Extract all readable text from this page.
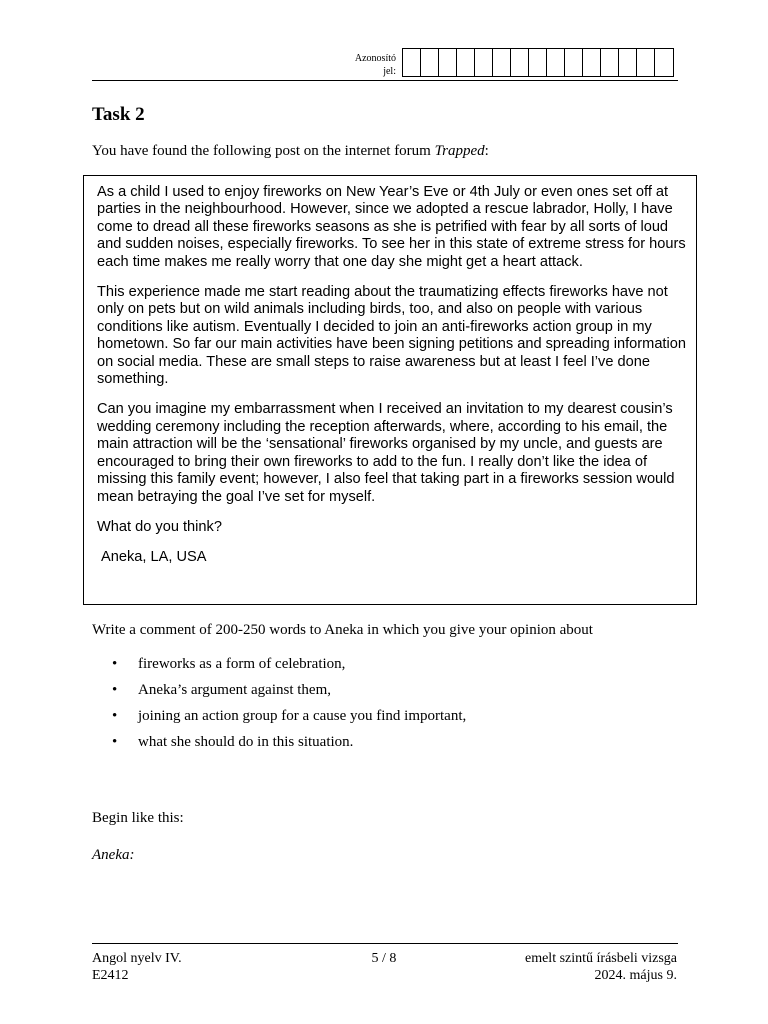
Azonosító
jel:
Task 2
You have found the following post on the internet forum Trapped:

As a child I used to enjoy fireworks on New Year’s Eve or 4th July or even ones set off at parties in the neighbourhood. However, since we adopted a rescue labrador, Holly, I have come to dread all these fireworks seasons as she is petrified with fear by all sorts of loud and sudden noises, especially fireworks. To see her in this state of extreme stress for hours each time makes me really worry that one day she might get a heart attack.

This experience made me start reading about the traumatizing effects fireworks have not only on pets but on wild animals including birds, too, and also on people with various conditions like autism. Eventually I decided to join an anti-fireworks action group in my hometown. So far our main activities have been signing petitions and spreading information on social media. These are small steps to raise awareness but at least I feel I’ve done something.

Can you imagine my embarrassment when I received an invitation to my dearest cousin’s wedding ceremony including the reception afterwards, where, according to his email, the main attraction will be the ‘sensational’ fireworks organised by my uncle, and guests are encouraged to bring their own fireworks to add to the fun. I really don’t like the idea of missing this family event; however, I also feel that taking part in a fireworks session would mean betraying the goal I’ve set for myself.

What do you think?

Aneka, LA, USA

Write a comment of 200-250 words to Aneka in which you give your opinion about
• fireworks as a form of celebration,
• Aneka’s argument against them,
• joining an action group for a cause you find important,
• what she should do in this situation.
Begin like this:
Aneka:
Angol nyelv IV.
E2412
5 / 8	emelt szintű írásbeli vizsga
2024. május 9.
